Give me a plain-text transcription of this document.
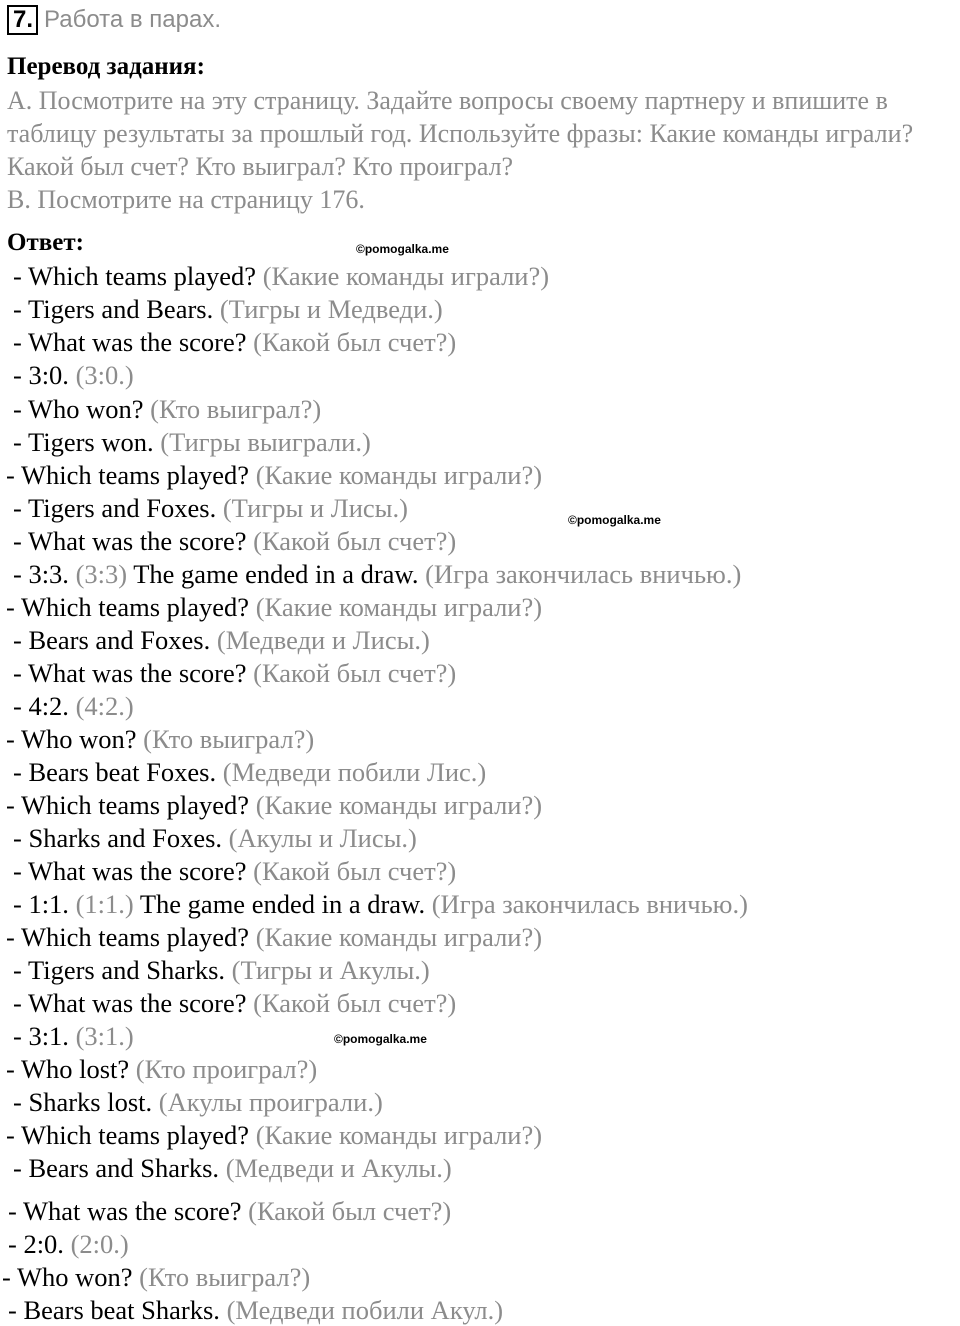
7. Работа в парах.
Перевод задания:

А. Посмотрите на эту страницу. Задайте вопросы своему партнеру и впишите в таблицу результаты за прошлый год. Используйте фразы: Какие команды играли? Какой был счет? Кто выиграл? Кто проиграл?

В. Посмотрите на страницу 176.

Ответ:	©pomogalka.me
©pomogalka.me
©pomogalka.me
- Which teams played? (Какие команды играли?)
- Tigers and Bears. (Тигры и Медведи.)
- What was the score? (Какой был счет?)
- 3:0. (3:0.)
- Who won? (Кто выиграл?)
- Tigers won. (Тигры выиграли.)
- Which teams played? (Какие команды играли?)
- Tigers and Foxes. (Тигры и Лисы.)
- What was the score? (Какой был счет?)
- 3:3. (3:3) The game ended in a draw. (Игра закончилась вничью.)
- Which teams played? (Какие команды играли?)
- Bears and Foxes. (Медведи и Лисы.)
- What was the score? (Какой был счет?)
- 4:2. (4:2.)
- Who won? (Кто выиграл?)
- Bears beat Foxes. (Медведи побили Лис.)
- Which teams played? (Какие команды играли?)
- Sharks and Foxes. (Акулы и Лисы.)
- What was the score? (Какой был счет?)
- 1:1. (1:1.) The game ended in a draw. (Игра закончилась вничью.)
- Which teams played? (Какие команды играли?)
- Tigers and Sharks. (Тигры и Акулы.)
- What was the score? (Какой был счет?)
- 3:1. (3:1.)
- Who lost? (Кто проиграл?)
- Sharks lost. (Акулы проиграли.)
- Which teams played? (Какие команды играли?)
- Bears and Sharks. (Медведи и Акулы.)
- What was the score? (Какой был счет?)
- 2:0. (2:0.)
- Who won? (Кто выиграл?)
- Bears beat Sharks. (Медведи побили Акул.)
